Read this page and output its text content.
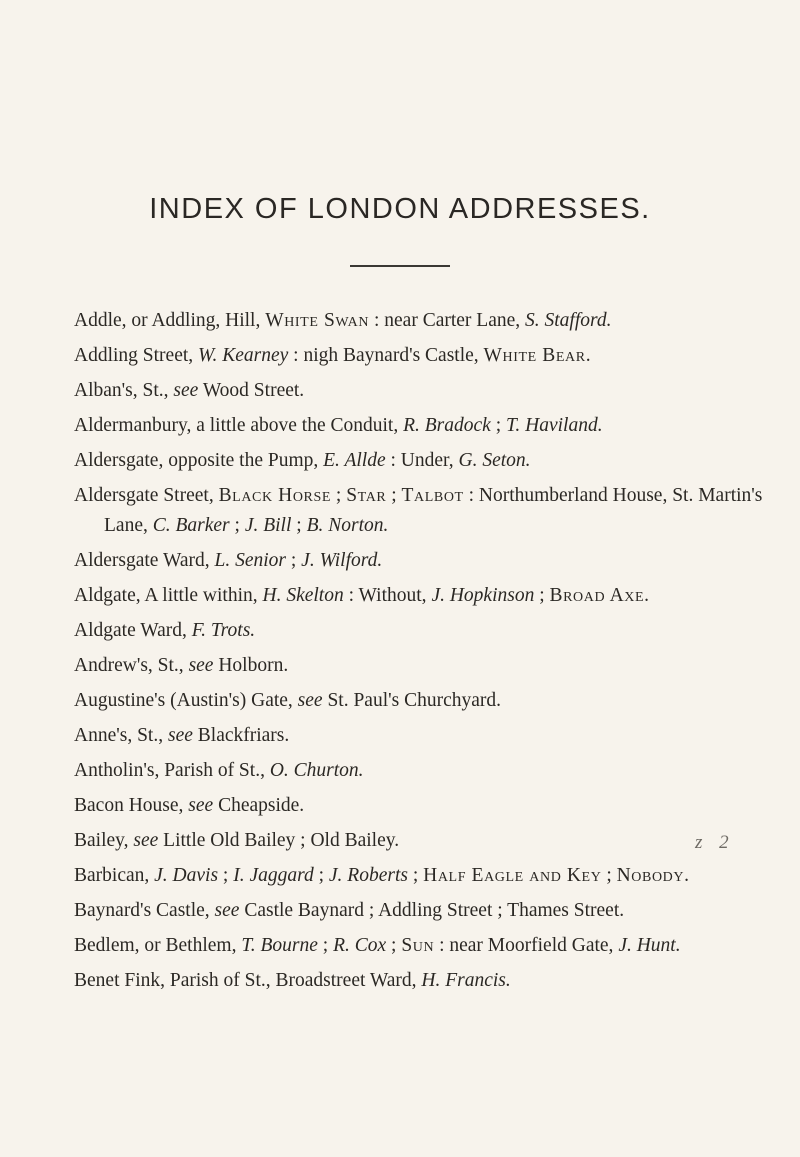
INDEX OF LONDON ADDRESSES.

Addle, or Addling, Hill, White Swan : near Carter Lane, S. Stafford.

Addling Street, W. Kearney : nigh Baynard's Castle, White Bear.

Alban's, St., see Wood Street.

Aldermanbury, a little above the Conduit, R. Bradock ; T. Haviland.

Aldersgate, opposite the Pump, E. Allde : Under, G. Seton.

Aldersgate Street, Black Horse ; Star ; Talbot : Northumberland House, St. Martin's Lane, C. Barker ; J. Bill ; B. Norton.

Aldersgate Ward, L. Senior ; J. Wilford.

Aldgate, A little within, H. Skelton : Without, J. Hopkinson ; Broad Axe.

Aldgate Ward, F. Trots.

Andrew's, St., see Holborn.

Augustine's (Austin's) Gate, see St. Paul's Churchyard.

Anne's, St., see Blackfriars.

Antholin's, Parish of St., O. Churton.

Bacon House, see Cheapside.

Bailey, see Little Old Bailey ; Old Bailey.

Barbican, J. Davis ; I. Jaggard ; J. Roberts ; Half Eagle and Key ; Nobody.

Baynard's Castle, see Castle Baynard ; Addling Street ; Thames Street.

Bedlem, or Bethlem, T. Bourne ; R. Cox ; Sun : near Moorfield Gate, J. Hunt.

Benet Fink, Parish of St., Broadstreet Ward, H. Francis.

z 2
